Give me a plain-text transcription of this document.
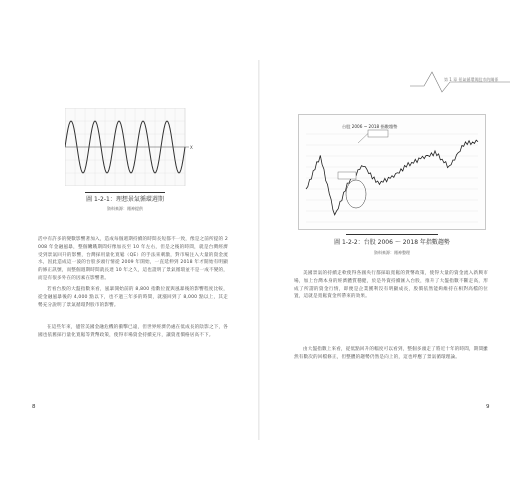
X
圖 1-2-1：理想景氣循環週期
資料來源：賭神提供

活中有許多的變數影響著加入，造成每個週期持續的時間長短都不一致，像是之前所提的 2008 年金融風暴，整個饑餓期間好像加長至 10 年左右，但是之後的時間，就是台灣經濟受到景氣回升的影響，台灣採用量化寬鬆（QE）的手法來刺激，對市場注入大量的資金流水，因此造成這一波的台股多頭行情從 2009 年開始，一直延伸到 2018 年才開始有明顯的修正訊號，而整個週期時間就長達 10 年之久，這也證明了景氣循環並不是一成不變的，而是有很多外在的因素在影響著。

若看台股的大盤指數來看，風暴開始前的 8,800 指數位置與風暴後的影響程度比較，從金融風暴後的 4,000 點以下，也不過三年多的時間，就漲回到了 8,000 點以上，其走勢充分說明了景氣循環對股市的影響。

在這些年來，儘管美國金融危機的衝擊已遠，但世界經濟仍處在低成長的陰影之下，各國也依舊採行量化寬鬆等貨幣政策，使得市場資金持續充斥，讓資產價格居高不下。

8
第 1 章 景氣循環與股市的關係
台股 2006 ~ 2018 指數趨勢
圖 1-2-2：台股 2006 ～ 2018 年指數趨勢
資料來源：賭神整理

美國景氣的持續走軟使得各國央行都採取寬鬆的貨幣政策，使得大量的資金流入新興市場，加上台灣本身的經濟體質穩健，於是外資持續匯入台股，推升了大盤指數不斷走高，形成了所謂的資金行情，即便是企業獲利沒有明顯成長，股價依然能夠維持在相對高檔的位置，這就是寬鬆資金所帶來的效果。

由大盤指數上來看，從低點回升的幅度可以看到，整個多頭走了將近十年的時間，期間雖然有數次的回檔修正，但整體的趨勢仍然是向上的，這也呼應了景氣循環理論。

9
